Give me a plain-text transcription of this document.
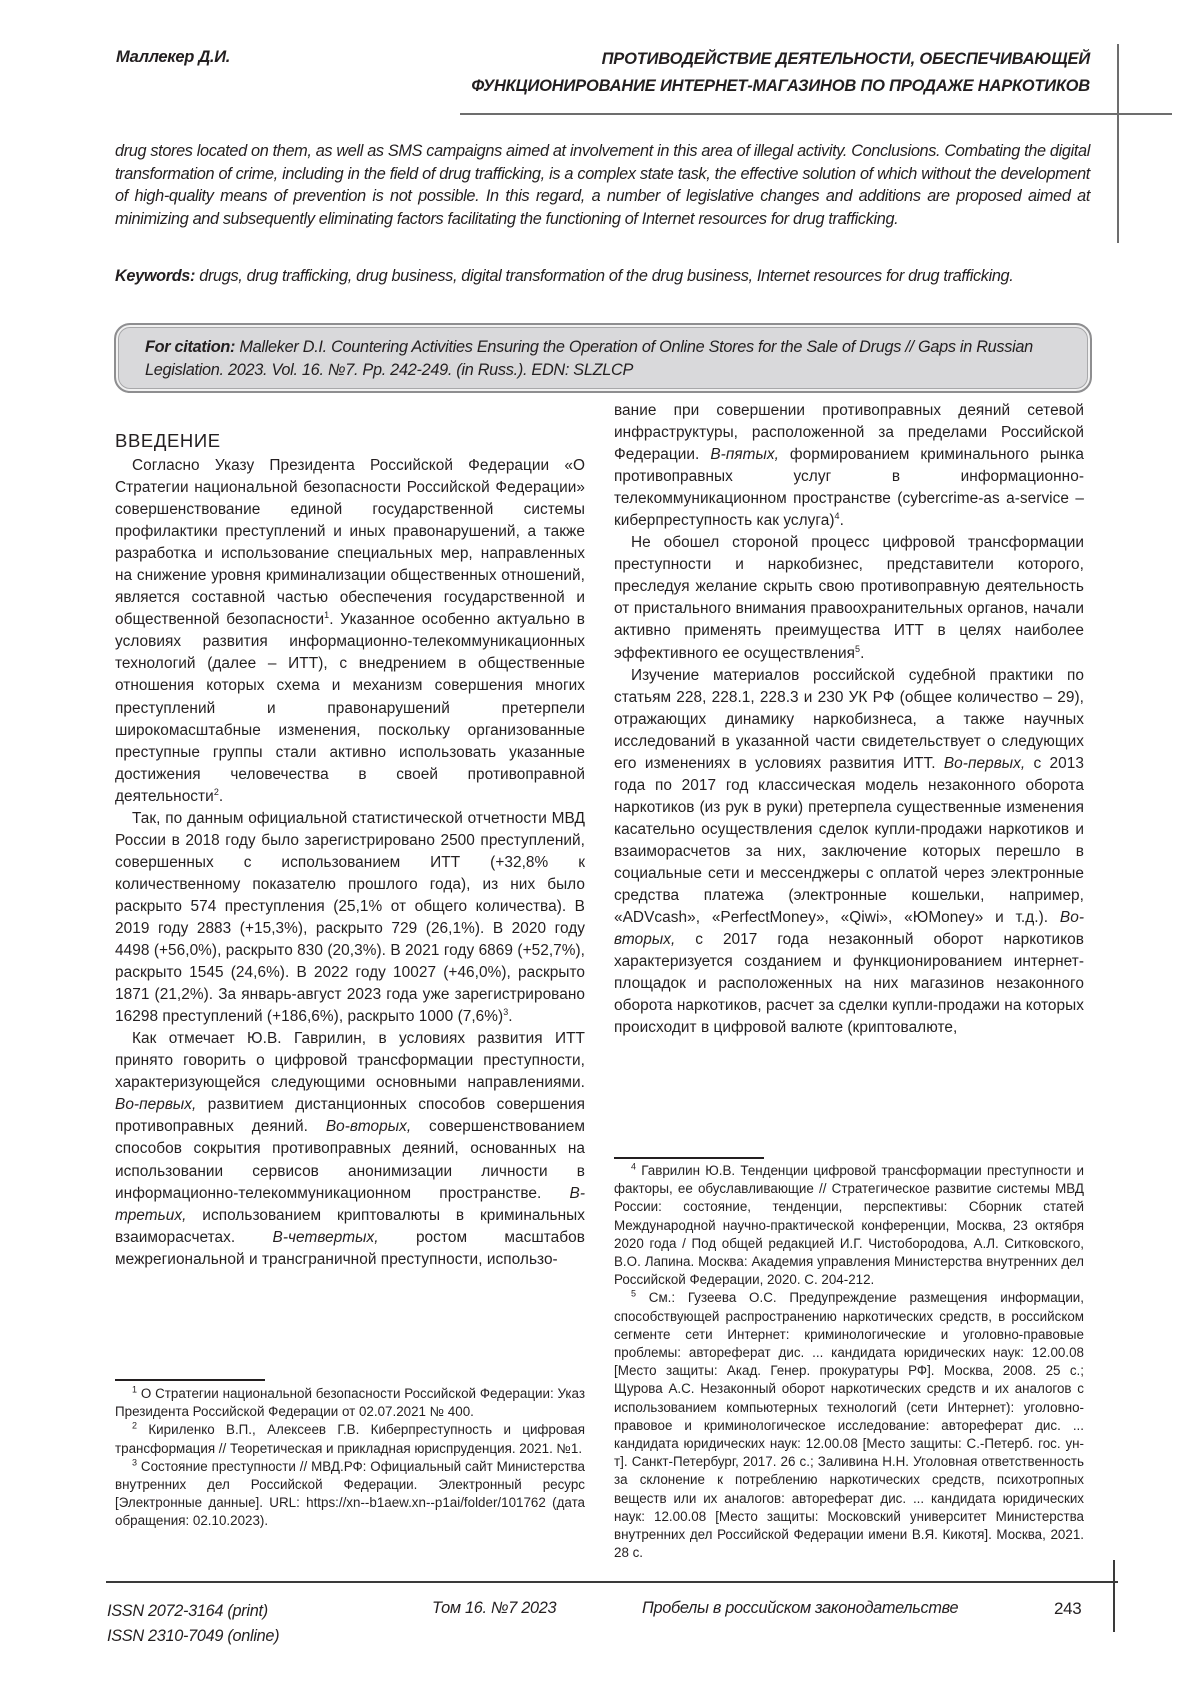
Маллекер Д.И.	ПРОТИВОДЕЙСТВИЕ ДЕЯТЕЛЬНОСТИ, ОБЕСПЕЧИВАЮЩЕЙ
ФУНКЦИОНИРОВАНИЕ ИНТЕРНЕТ-МАГАЗИНОВ ПО ПРОДАЖЕ НАРКОТИКОВ
drug stores located on them, as well as SMS campaigns aimed at involvement in this area of illegal activity. Conclusions. Combating the digital transformation of crime, including in the field of drug trafficking, is a complex state task, the effective solution of which without the development of high-quality means of prevention is not possible. In this regard, a number of legislative changes and additions are proposed aimed at minimizing and subsequently eliminating factors facilitating the functioning of Internet resources for drug trafficking.
Keywords: drugs, drug trafficking, drug business, digital transformation of the drug business, Internet resources for drug trafficking.
For citation: Malleker D.I. Countering Activities Ensuring the Operation of Online Stores for the Sale of Drugs // Gaps in Russian Legislation. 2023. Vol. 16. №7. Pp. 242-249. (in Russ.). EDN: SLZLCP
ВВЕДЕНИЕ

Согласно Указу Президента Российской Федерации «О Стратегии национальной безопасности Российской Федерации» совершенствование единой государственной системы профилактики преступлений и иных правонарушений, а также разработка и использование специальных мер, направленных на снижение уровня криминализации общественных отношений, является составной частью обеспечения государственной и общественной безопасности$^1$. Указанное особенно актуально в условиях развития информационно-телекоммуникационных технологий (далее – ИТТ), с внедрением в общественные отношения которых схема и механизм совершения многих преступлений и правонарушений претерпели широкомасштабные изменения, поскольку организованные преступные группы стали активно использовать указанные достижения человечества в своей противоправной деятельности$^2$.

Так, по данным официальной статистической отчетности МВД России в 2018 году было зарегистрировано 2500 преступлений, совершенных с использованием ИТТ (+32,8% к количественному показателю прошлого года), из них было раскрыто 574 преступления (25,1% от общего количества). В 2019 году 2883 (+15,3%), раскрыто 729 (26,1%). В 2020 году 4498 (+56,0%), раскрыто 830 (20,3%). В 2021 году 6869 (+52,7%), раскрыто 1545 (24,6%). В 2022 году 10027 (+46,0%), раскрыто 1871 (21,2%). За январь-август 2023 года уже зарегистрировано 16298 преступлений (+186,6%), раскрыто 1000 $(7,6\%)^3$.

Как отмечает Ю.В. Гаврилин, в условиях развития ИТТ принято говорить о цифровой трансформации преступности, характеризующейся следующими основными направлениями. Во-первых, развитием дистанционных способов совершения противоправных деяний. Во-вторых, совершенствованием способов сокрытия противоправных деяний, основанных на использовании сервисов анонимизации личности в информационно-телекоммуникационном пространстве. В-третьих, использованием криптовалюты в криминальных взаиморасчетах. В-четвертых, ростом масштабов межрегиональной и трансграничной преступности, использо-

$^1$ О Стратегии национальной безопасности Российской Федерации: Указ Президента Российской Федерации от 02.07.2021 № 400.

$^2$ Кириленко В.П., Алексеев Г.В. Киберпреступность и цифровая трансформация // Теоретическая и прикладная юриспруденция. 2021. №1.

$^3$ Состояние преступности // МВД.РФ: Официальный сайт Министерства внутренних дел Российской Федерации. Электронный ресурс [Электронные данные]. URL: https://xn--b1aew.xn--p1ai/folder/101762 (дата обращения: 02.10.2023).

вание при совершении противоправных деяний сетевой инфраструктуры, расположенной за пределами Российской Федерации. В-пятых, формированием криминального рынка противоправных услуг в информационно-телекоммуникационном пространстве (cybercrime-as a-service – киберпреступность как услуга)$^4$.

Не обошел стороной процесс цифровой трансформации преступности и наркобизнес, представители которого, преследуя желание скрыть свою противоправную деятельность от пристального внимания правоохранительных органов, начали активно применять преимущества ИТТ в целях наиболее эффективного ее осуществления$^5$.

Изучение материалов российской судебной практики по статьям 228, 228.1, 228.3 и 230 УК РФ (общее количество – 29), отражающих динамику наркобизнеса, а также научных исследований в указанной части свидетельствует о следующих его изменениях в условиях развития ИТТ. Во-первых, с 2013 года по 2017 год классическая модель незаконного оборота наркотиков (из рук в руки) претерпела существенные изменения касательно осуществления сделок купли-продажи наркотиков и взаиморасчетов за них, заключение которых перешло в социальные сети и мессенджеры с оплатой через электронные средства платежа (электронные кошельки, например, «ADVcash», «PerfectMoney», «Qiwi», «ЮMoney» и т.д.). Во-вторых, с 2017 года незаконный оборот наркотиков характеризуется созданием и функционированием интернет-площадок и расположенных на них магазинов незаконного оборота наркотиков, расчет за сделки купли-продажи на которых происходит в цифровой валюте (криптовалюте,

$^4$ Гаврилин Ю.В. Тенденции цифровой трансформации преступности и факторы, ее обуславливающие // Стратегическое развитие системы МВД России: состояние, тенденции, перспективы: Сборник статей Международной научно-практической конференции, Москва, 23 октября 2020 года / Под общей редакцией И.Г. Чистобородова, А.Л. Ситковского, В.О. Лапина. Москва: Академия управления Министерства внутренних дел Российской Федерации, 2020. С. 204-212.

$^5$ См.: Гузеева О.С. Предупреждение размещения информации, способствующей распространению наркотических средств, в российском сегменте сети Интернет: криминологические и уголовно-правовые проблемы: автореферат дис. ... кандидата юридических наук: 12.00.08 [Место защиты: Акад. Генер. прокуратуры РФ]. Москва, 2008. 25 с.; Щурова А.С. Незаконный оборот наркотических средств и их аналогов с использованием компьютерных технологий (сети Интернет): уголовно-правовое и криминологическое исследование: автореферат дис. ... кандидата юридических наук: 12.00.08 [Место защиты: С.-Петерб. гос. ун-т]. Санкт-Петербург, 2017. 26 с.; Заливина Н.Н. Уголовная ответственность за склонение к потреблению наркотических средств, психотропных веществ или их аналогов: автореферат дис. ... кандидата юридических наук: 12.00.08 [Место защиты: Московский университет Министерства внутренних дел Российской Федерации имени В.Я. Кикотя]. Москва, 2021. 28 с.

ISSN 2072-3164 (print)
ISSN 2310-7049 (online)
Том 16. №7 2023	Пробелы в российском законодательстве	243
